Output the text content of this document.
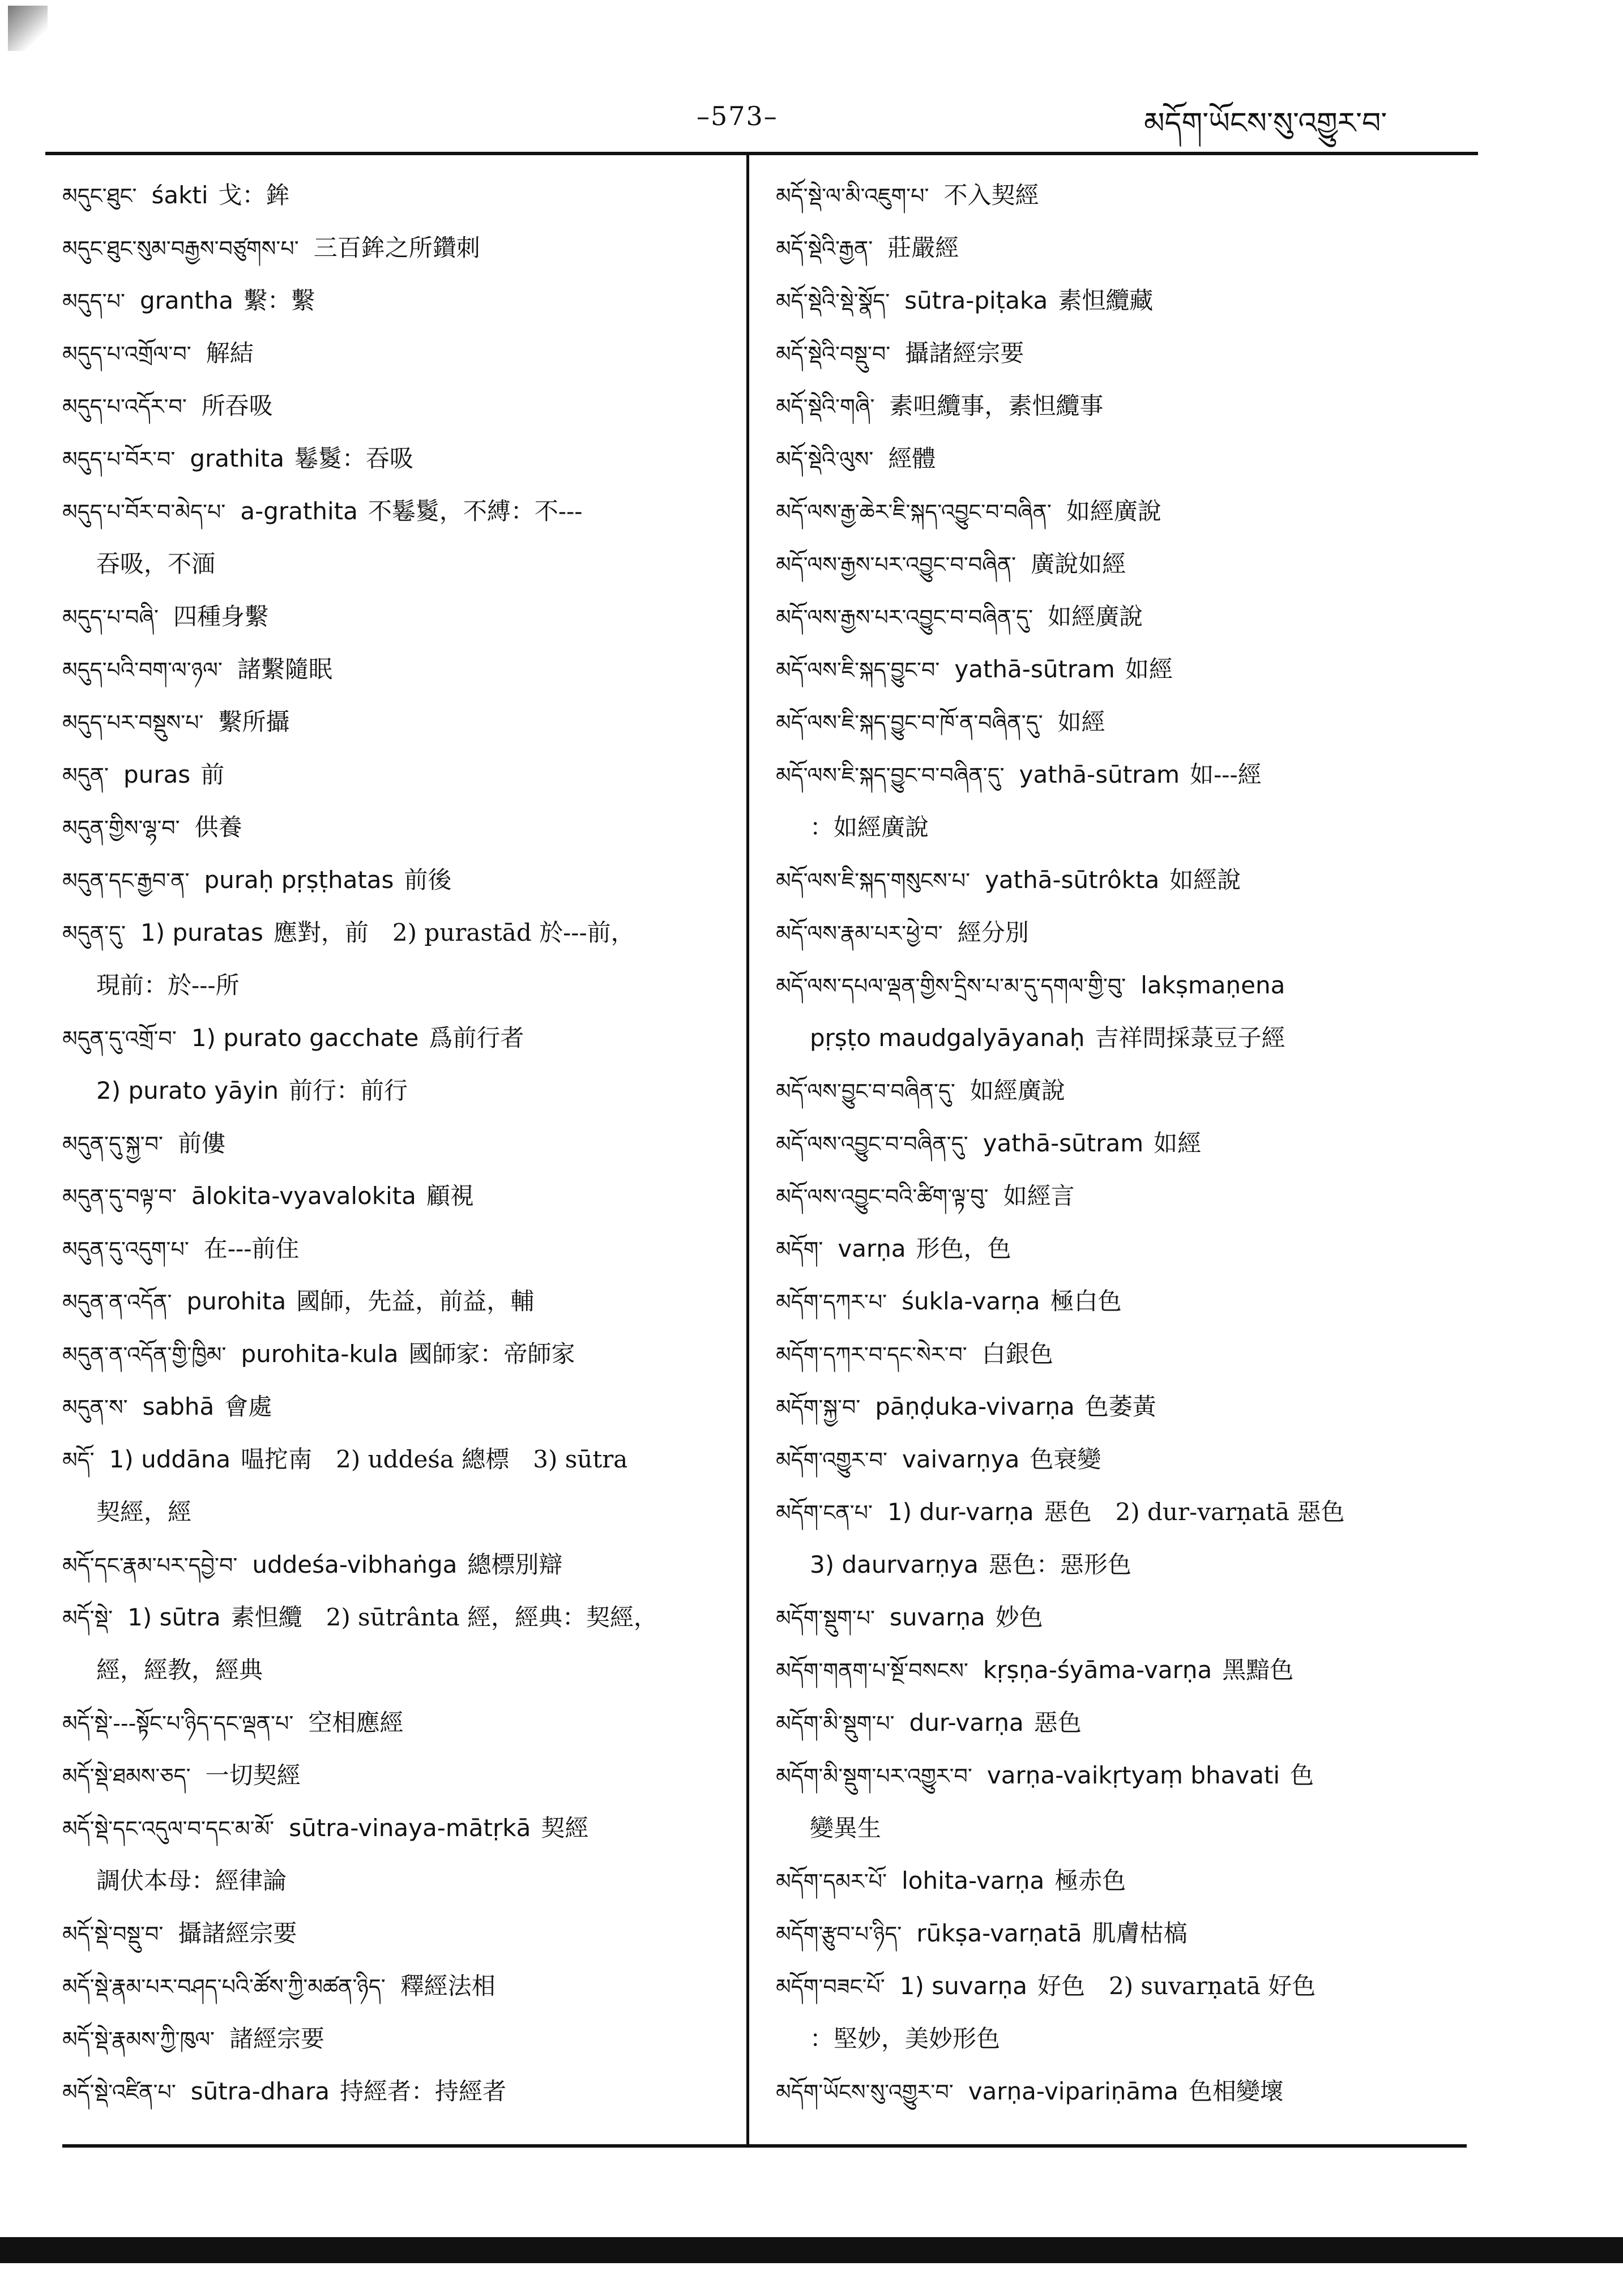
–573–	མདོག་ཡོངས་སུ་འགྱུར་བ་
མདུང་ཐུང་ śakti 戈：鉾
མདུང་ཐུང་སུམ་བརྒྱས་བཙུགས་པ་ 三百鉾之所鑽刺
མདུད་པ་ grantha 繫：繫
མདུད་པ་འགྲོལ་བ་ 解結
མདུད་པ་འདོར་བ་ 所吞吸
མདུད་པ་བོར་བ་ grathita 鬈鬉：吞吸
མདུད་པ་བོར་བ་མེད་པ་ a-grathita 不鬈鬉，不縛：不---
吞吸，不湎
མདུད་པ་བཞི་ 四種身繫
མདུད་པའི་བག་ལ་ཉལ་ 諸繫隨眠
མདུད་པར་བསྡུས་པ་ 繫所攝
མདུན་ puras 前
མདུན་གྱིས་ལྷ་བ་ 供養
མདུན་དང་རྒྱབ་ན་ puraḥ pṛṣṭhatas 前後
མདུན་དུ་ 1) puratas 應對，前　2) purastād 於---前，
現前：於---所
མདུན་དུ་འགྲོ་བ་ 1) purato gacchate 爲前行者
2) purato yāyin 前行：前行
མདུན་དུ་སྐྱ་བ་ 前僂
མདུན་དུ་བལྟ་བ་ ālokita-vyavalokita 顧視
མདུན་དུ་འདུག་པ་ 在---前住
མདུན་ན་འདོན་ purohita 國師，先益，前益，輔
མདུན་ན་འདོན་གྱི་ཁྱིམ་ purohita-kula 國師家：帝師家
མདུན་ས་ sabhā 會處
མདོ་ 1) uddāna 嗢拕南　2) uddeśa 總標　3) sūtra
契經，經
མདོ་དང་རྣམ་པར་དབྱེ་བ་ uddeśa-vibhaṅga 總標別辯
མདོ་སྡེ་ 1) sūtra 素怛纜　2) sūtrânta 經，經典：契經，
經，經教，經典
མདོ་སྡེ་---སྟོང་པ་ཉིད་དང་ལྡན་པ་ 空相應經
མདོ་སྡེ་ཐམས་ཅད་ 一切契經
མདོ་སྡེ་དང་འདུལ་བ་དང་མ་མོ་ sūtra-vinaya-mātṛkā 契經
調伏本母：經律論
མདོ་སྡེ་བསྡུ་བ་ 攝諸經宗要
མདོ་སྡེ་རྣམ་པར་བཤད་པའི་ཚོས་ཀྱི་མཚན་ཉིད་ 釋經法相
མདོ་སྡེ་རྣམས་ཀྱི་ཁུལ་ 諸經宗要
མདོ་སྡེ་འཛིན་པ་ sūtra-dhara 持經者：持經者
མདོ་སྡེ་ལ་མི་འཇུག་པ་ 不入契經
མདོ་སྡེའི་རྒྱན་ 莊嚴經
མདོ་སྡེའི་སྡེ་སྣོད་ sūtra-piṭaka 素怛纜藏
མདོ་སྡེའི་བསྡུ་བ་ 攝諸經宗要
མདོ་སྡེའི་གཞི་ 素呾纜事，素怛纜事
མདོ་སྡེའི་ལུས་ 經體
མདོ་ལས་རྒྱ་ཆེར་ཇི་སྐད་འབྱུང་བ་བཞིན་ 如經廣說
མདོ་ལས་རྒྱས་པར་འབྱུང་བ་བཞིན་ 廣說如經
མདོ་ལས་རྒྱས་པར་འབྱུང་བ་བཞིན་དུ་ 如經廣說
མདོ་ལས་ཇི་སྐད་བྱུང་བ་ yathā-sūtram 如經
མདོ་ལས་ཇི་སྐད་བྱུང་བ་ཁོ་ན་བཞིན་དུ་ 如經
མདོ་ལས་ཇི་སྐད་བྱུང་བ་བཞིན་དུ་ yathā-sūtram 如---經
：如經廣說
མདོ་ལས་ཇི་སྐད་གསུངས་པ་ yathā-sūtrôkta 如經說
མདོ་ལས་རྣམ་པར་ཕྱེ་བ་ 經分別
མདོ་ལས་དཔལ་ལྡན་གྱིས་དྲིས་པ་མ་དུ་དགལ་གྱི་བུ་ lakṣmaṇena
pṛṣṭo maudgalyāyanaḥ 吉祥問採菉豆子經
མདོ་ལས་བྱུང་བ་བཞིན་དུ་ 如經廣說
མདོ་ལས་འབྱུང་བ་བཞིན་དུ་ yathā-sūtram 如經
མདོ་ལས་འབྱུང་བའི་ཚིག་ལྟ་བུ་ 如經言
མདོག་ varṇa 形色，色
མདོག་དཀར་པ་ śukla-varṇa 極白色
མདོག་དཀར་བ་དང་སེར་བ་ 白銀色
མདོག་སྐྱ་བ་ pāṇḍuka-vivarṇa 色萎黃
མདོག་འགྱུར་བ་ vaivarṇya 色衰變
མདོག་ངན་པ་ 1) dur-varṇa 惡色　2) dur-varṇatā 惡色
3) daurvarṇya 惡色：惡形色
མདོག་སྡུག་པ་ suvarṇa 妙色
མདོག་གནག་པ་སྔོ་བསངས་ kṛṣṇa-śyāma-varṇa 黑黯色
མདོག་མི་སྡུག་པ་ dur-varṇa 惡色
མདོག་མི་སྡུག་པར་འགྱུར་བ་ varṇa-vaikṛtyaṃ bhavati 色
變異生
མདོག་དམར་པོ་ lohita-varṇa 極赤色
མདོག་རྩུབ་པ་ཉིད་ rūkṣa-varṇatā 肌膚枯槁
མདོག་བཟང་པོ་ 1) suvarṇa 好色　2) suvarṇatā 好色
：堅妙，美妙形色
མདོག་ཡོངས་སུ་འགྱུར་བ་ varṇa-vipariṇāma 色相變壞
